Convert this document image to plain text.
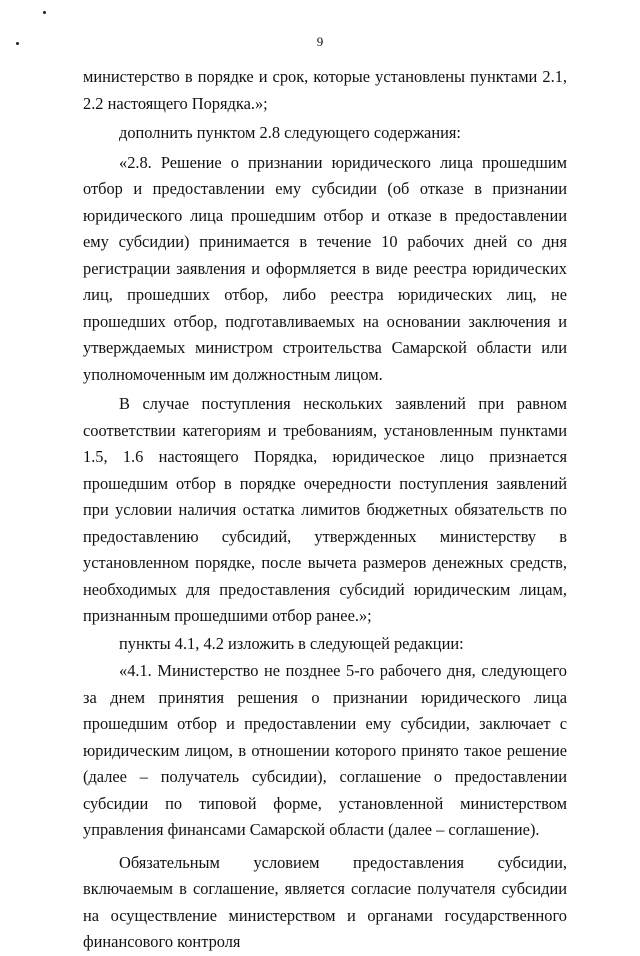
9

министерство в порядке и срок, которые установлены пунктами 2.1, 2.2 настоящего Порядка.»;

дополнить пунктом 2.8 следующего содержания:

«2.8. Решение о признании юридического лица прошедшим отбор и предоставлении ему субсидии (об отказе в признании юридического лица прошедшим отбор и отказе в предоставлении ему субсидии) принимается в течение 10 рабочих дней со дня регистрации заявления и оформляется в виде реестра юридических лиц, прошедших отбор, либо реестра юридических лиц, не прошедших отбор, подготавливаемых на основании заключения и утверждаемых министром строительства Самарской области или уполномоченным им должностным лицом.

В случае поступления нескольких заявлений при равном соответствии категориям и требованиям, установленным пунктами 1.5, 1.6 настоящего Порядка, юридическое лицо признается прошедшим отбор в порядке очередности поступления заявлений при условии наличия остатка лимитов бюджетных обязательств по предоставлению субсидий, утвержденных министерству в установленном порядке, после вычета размеров денежных средств, необходимых для предоставления субсидий юридическим лицам, признанным прошедшими отбор ранее.»;

пункты 4.1, 4.2 изложить в следующей редакции:

«4.1. Министерство не позднее 5-го рабочего дня, следующего за днем принятия решения о признании юридического лица прошедшим отбор и предоставлении ему субсидии, заключает с юридическим лицом, в отношении которого принято такое решение (далее – получатель субсидии), соглашение о предоставлении субсидии по типовой форме, установленной министерством управления финансами Самарской области (далее – соглашение).

Обязательным условием предоставления субсидии, включаемым в соглашение, является согласие получателя субсидии на осуществление министерством и органами государственного финансового контроля
